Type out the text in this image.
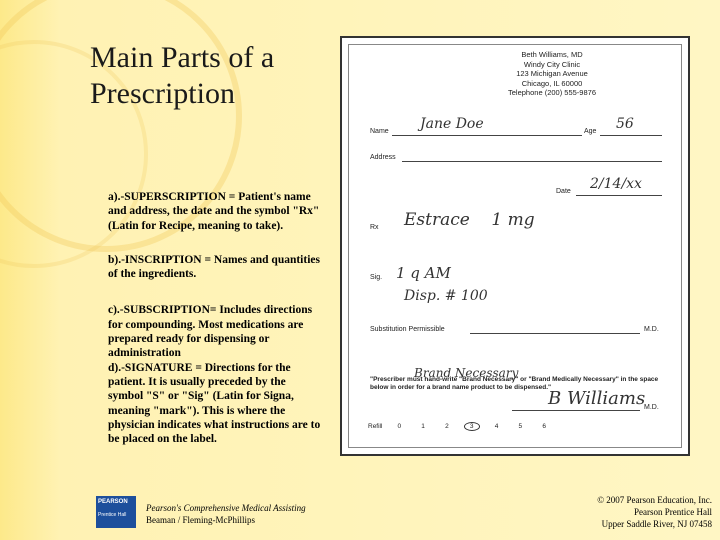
Main Parts of a Prescription

a).-SUPERSCRIPTION = Patient's name and address, the date and the symbol "Rx" (Latin for Recipe, meaning to take).

b).-INSCRIPTION = Names and quantities of the ingredients.

c).-SUBSCRIPTION= Includes directions for compounding. Most medications are prepared ready for dispensing or administration

d).-SIGNATURE = Directions for the patient. It is usually preceded by the symbol "S" or "Sig" (Latin for Signa, meaning "mark"). This is where the physician indicates what instructions are to be placed on the label.

Beth Williams, MD
Windy City Clinic
123 Michigan Avenue
Chicago, IL 60000
Telephone (200) 555-9876
Name Jane Doe	Age 56
Address
Date 2/14/xx
Rx Estrace    1 mg
Sig. 1 q AM
Disp. # 100
Substitution Permissible	M.D.
"Prescriber must hand-write "Brand Necessary" or "Brand Medically Necessary" in the space below in order for a brand name product to be dispensed."
Brand Necessary
B Williams
M.D.
Refill 0	1	2	3	4	5	6
PEARSON
Prentice Hall
Pearson's Comprehensive Medical Assisting
Beaman / Fleming-McPhillips
© 2007 Pearson Education, Inc.
Pearson Prentice Hall
Upper Saddle River, NJ 07458
